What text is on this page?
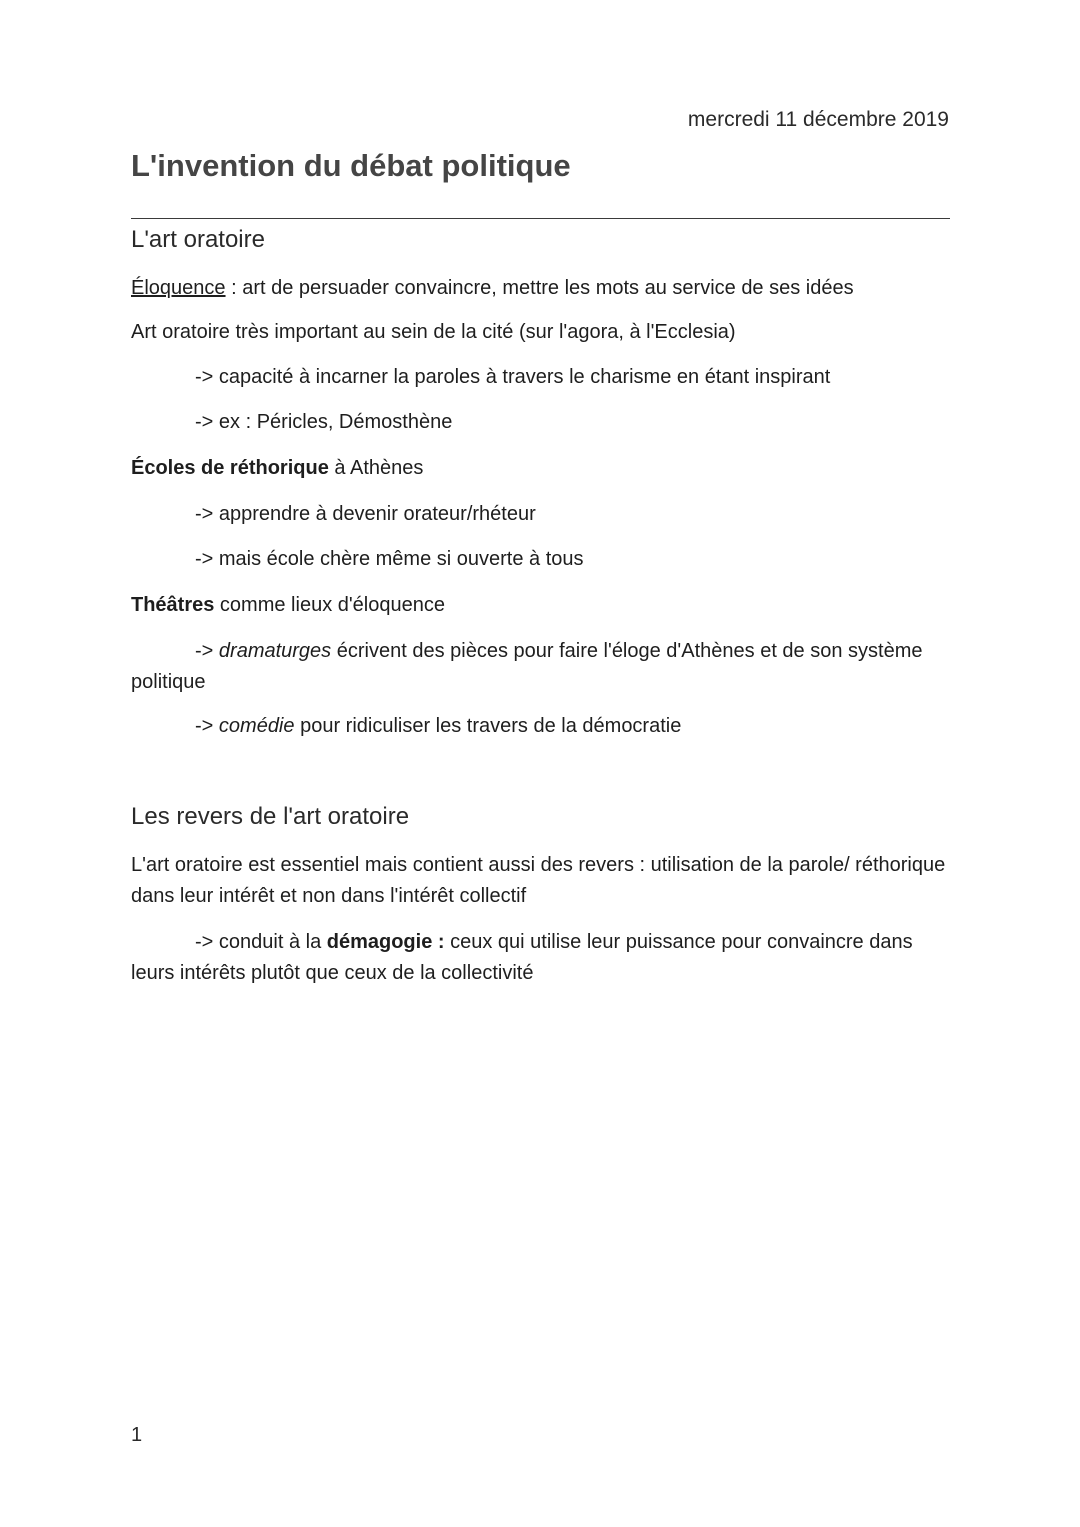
mercredi 11 décembre 2019
L'invention du débat politique
L'art oratoire

Éloquence : art de persuader convaincre, mettre les mots au service de ses idées

Art oratoire très important au sein de la cité (sur l'agora, à l'Ecclesia)

-> capacité à incarner la paroles à travers le charisme en étant inspirant

-> ex : Péricles, Démosthène

Écoles de réthorique à Athènes

-> apprendre à devenir orateur/rhéteur

-> mais école chère même si ouverte à tous

Théâtres comme lieux d'éloquence

-> dramaturges écrivent des pièces pour faire l'éloge d'Athènes et de son système politique

-> comédie pour ridiculiser les travers de la démocratie

Les revers de l'art oratoire

L'art oratoire est essentiel mais contient aussi des revers : utilisation de la parole/ réthorique dans leur intérêt et non dans l'intérêt collectif

-> conduit à la démagogie : ceux qui utilise leur puissance pour convaincre dans leurs intérêts plutôt que ceux de la collectivité

1
